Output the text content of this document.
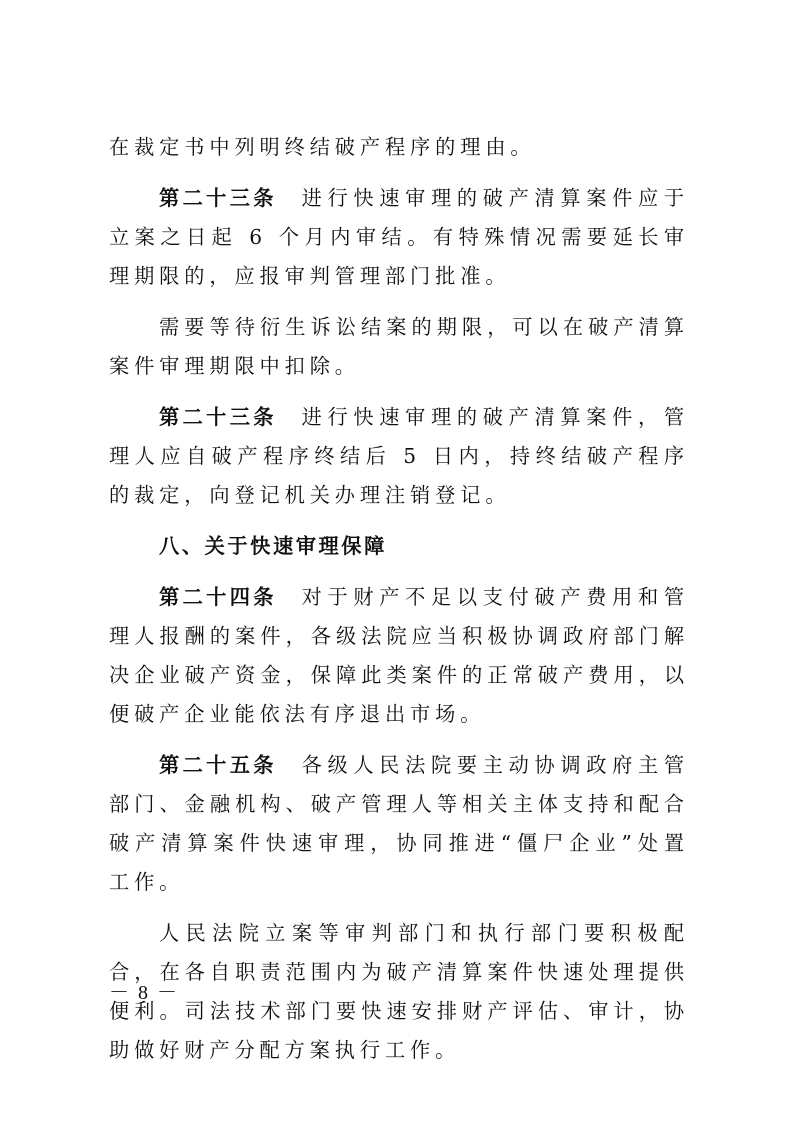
在裁定书中列明终结破产程序的理由。

第二十三条 进行快速审理的破产清算案件应于立案之日起 6 个月内审结。有特殊情况需要延长审理期限的，应报审判管理部门批准。

需要等待衍生诉讼结案的期限，可以在破产清算案件审理期限中扣除。

第二十三条 进行快速审理的破产清算案件，管理人应自破产程序终结后 5 日内，持终结破产程序的裁定，向登记机关办理注销登记。

八、关于快速审理保障

第二十四条 对于财产不足以支付破产费用和管理人报酬的案件，各级法院应当积极协调政府部门解决企业破产资金，保障此类案件的正常破产费用，以便破产企业能依法有序退出市场。

第二十五条 各级人民法院要主动协调政府主管部门、金融机构、破产管理人等相关主体支持和配合破产清算案件快速审理，协同推进“僵尸企业”处置工作。

人民法院立案等审判部门和执行部门要积极配合，在各自职责范围内为破产清算案件快速处理提供便利。司法技术部门要快速安排财产评估、审计，协助做好财产分配方案执行工作。

－ 8 －
